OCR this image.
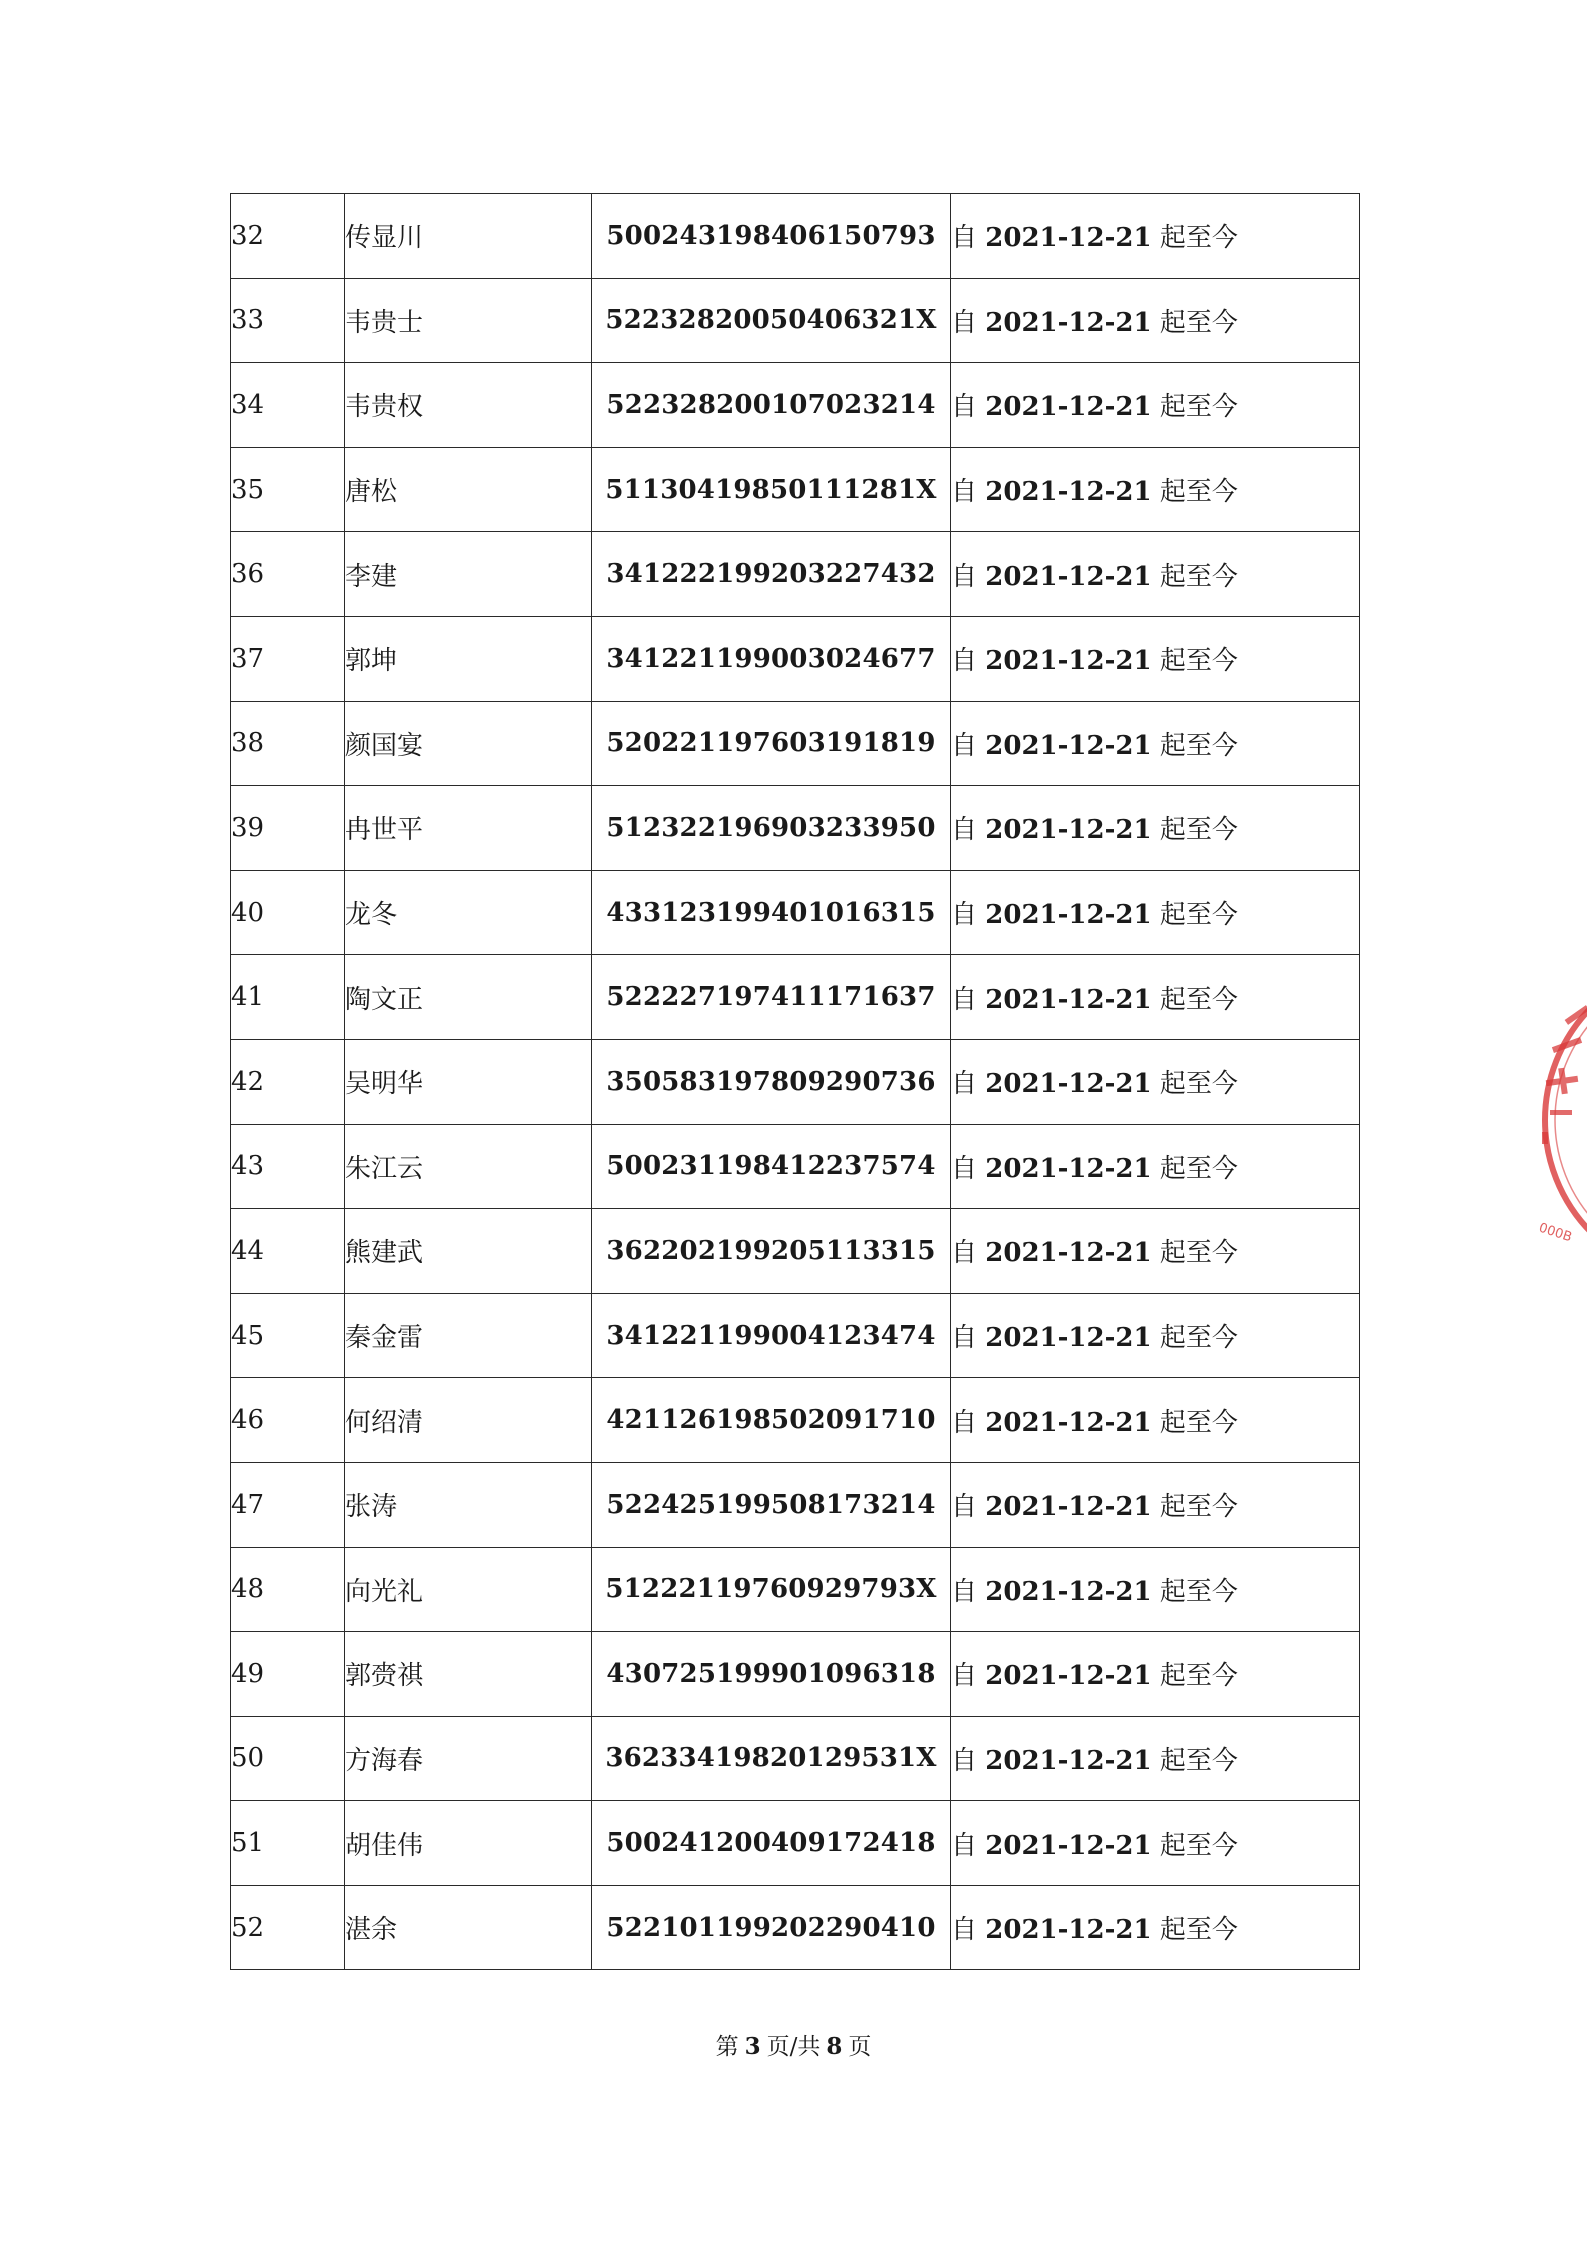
32	传显川	500243198406150793	自 2021-12-21 起至今
33	韦贵士	52232820050406321X	自 2021-12-21 起至今
34	韦贵权	522328200107023214	自 2021-12-21 起至今
35	唐松	51130419850111281X	自 2021-12-21 起至今
36	李建	341222199203227432	自 2021-12-21 起至今
37	郭坤	341221199003024677	自 2021-12-21 起至今
38	颜国宴	520221197603191819	自 2021-12-21 起至今
39	冉世平	512322196903233950	自 2021-12-21 起至今
40	龙冬	433123199401016315	自 2021-12-21 起至今
41	陶文正	522227197411171637	自 2021-12-21 起至今
42	吴明华	350583197809290736	自 2021-12-21 起至今
43	朱江云	500231198412237574	自 2021-12-21 起至今
44	熊建武	362202199205113315	自 2021-12-21 起至今
45	秦金雷	341221199004123474	自 2021-12-21 起至今
46	何绍清	421126198502091710	自 2021-12-21 起至今
47	张涛	522425199508173214	自 2021-12-21 起至今
48	向光礼	51222119760929793X	自 2021-12-21 起至今
49	郭赍祺	430725199901096318	自 2021-12-21 起至今
50	方海春	36233419820129531X	自 2021-12-21 起至今
51	胡佳伟	500241200409172418	自 2021-12-21 起至今
52	湛余	522101199202290410	自 2021-12-21 起至今
第 3 页/共 8 页
000B
